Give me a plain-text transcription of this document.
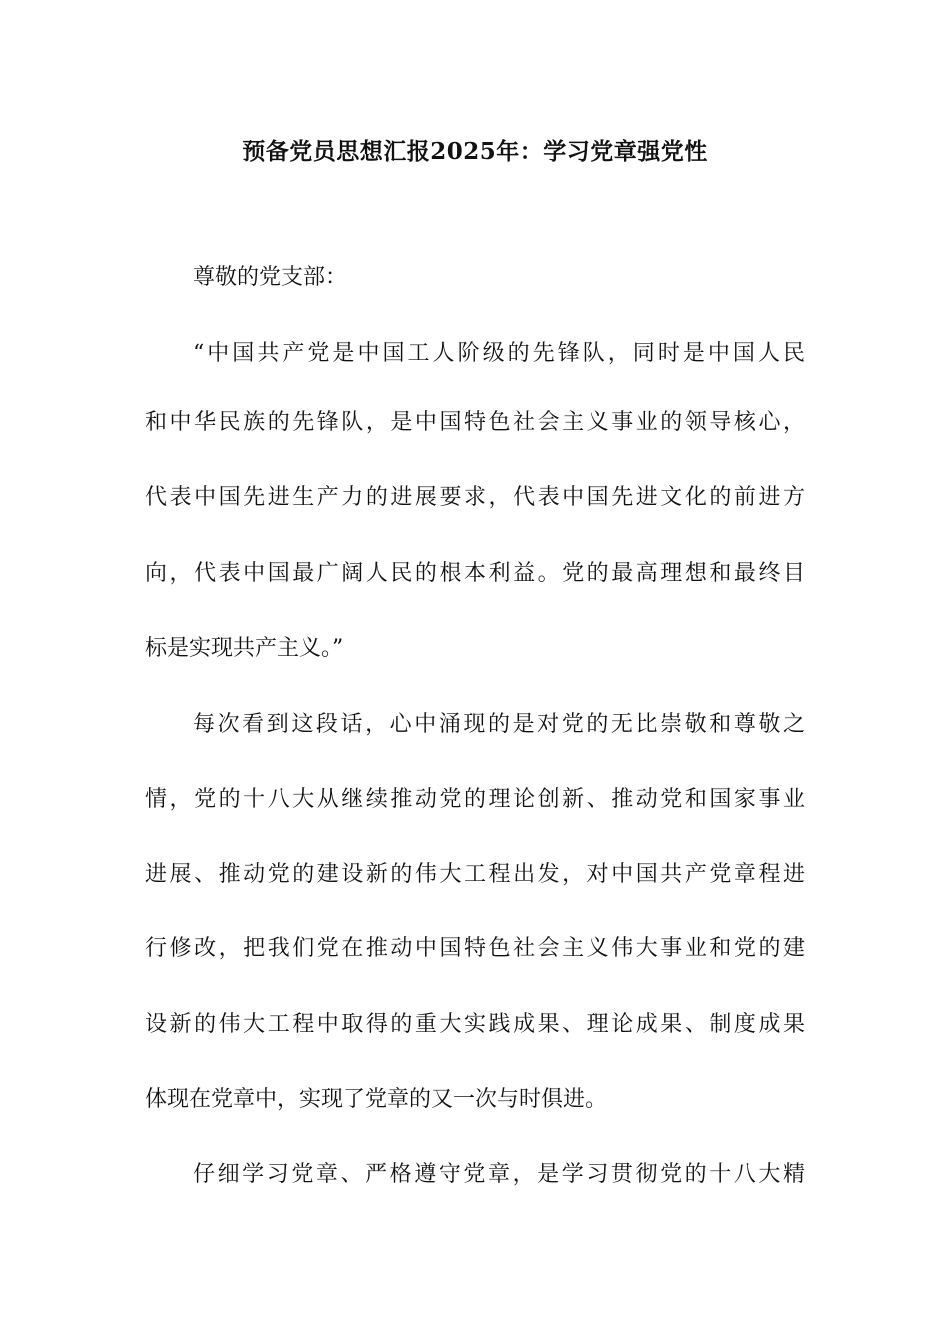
预备党员思想汇报2025年：学习党章强党性
尊敬的党支部：
“中国共产党是中国工人阶级的先锋队，同时是中国人民
和中华民族的先锋队，是中国特色社会主义事业的领导核心，
代表中国先进生产力的进展要求，代表中国先进文化的前进方
向，代表中国最广阔人民的根本利益。党的最高理想和最终目
标是实现共产主义。”
每次看到这段话，心中涌现的是对党的无比崇敬和尊敬之
情，党的十八大从继续推动党的理论创新、推动党和国家事业
进展、推动党的建设新的伟大工程出发，对中国共产党章程进
行修改，把我们党在推动中国特色社会主义伟大事业和党的建
设新的伟大工程中取得的重大实践成果、理论成果、制度成果
体现在党章中，实现了党章的又一次与时俱进。
仔细学习党章、严格遵守党章，是学习贯彻党的十八大精
